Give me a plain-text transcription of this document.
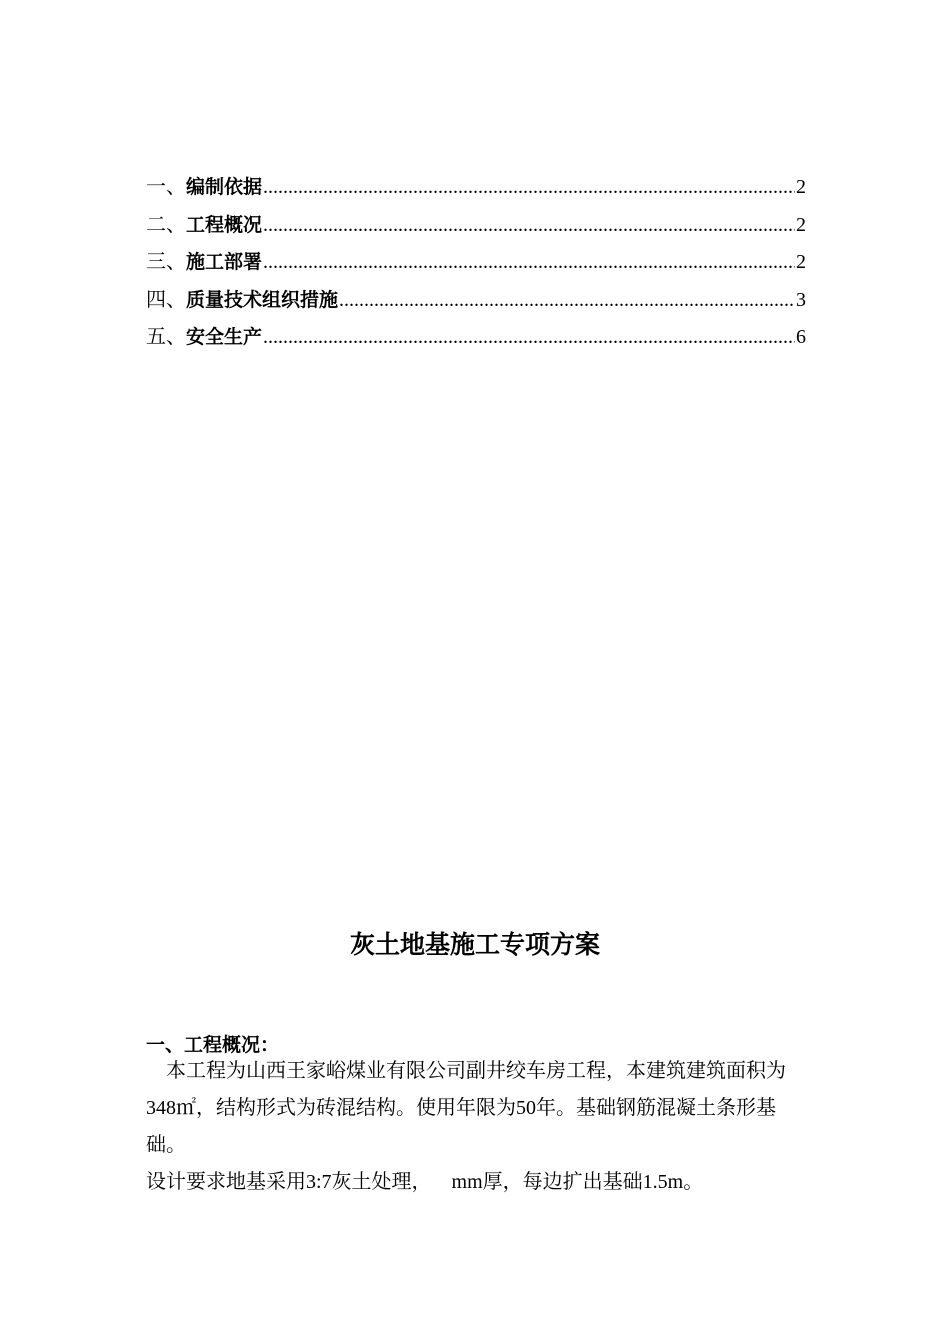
一、 编制依据 .....	2
二、 工程概况 .....	2
三、 施工部署 .....	2
四、 质量技术组织措施 .....	3
五、 安全生产 .....	6
灰土地基施工专项方案
一、工程概况：

本工程为山西王家峪煤业有限公司副井绞车房工程，本建筑建筑面积为348㎡，结构形式为砖混结构。使用年限为50年。基础钢筋混凝土条形基础。

设计要求地基采用3:7灰土处理，    mm厚，每边扩出基础1.5m。
